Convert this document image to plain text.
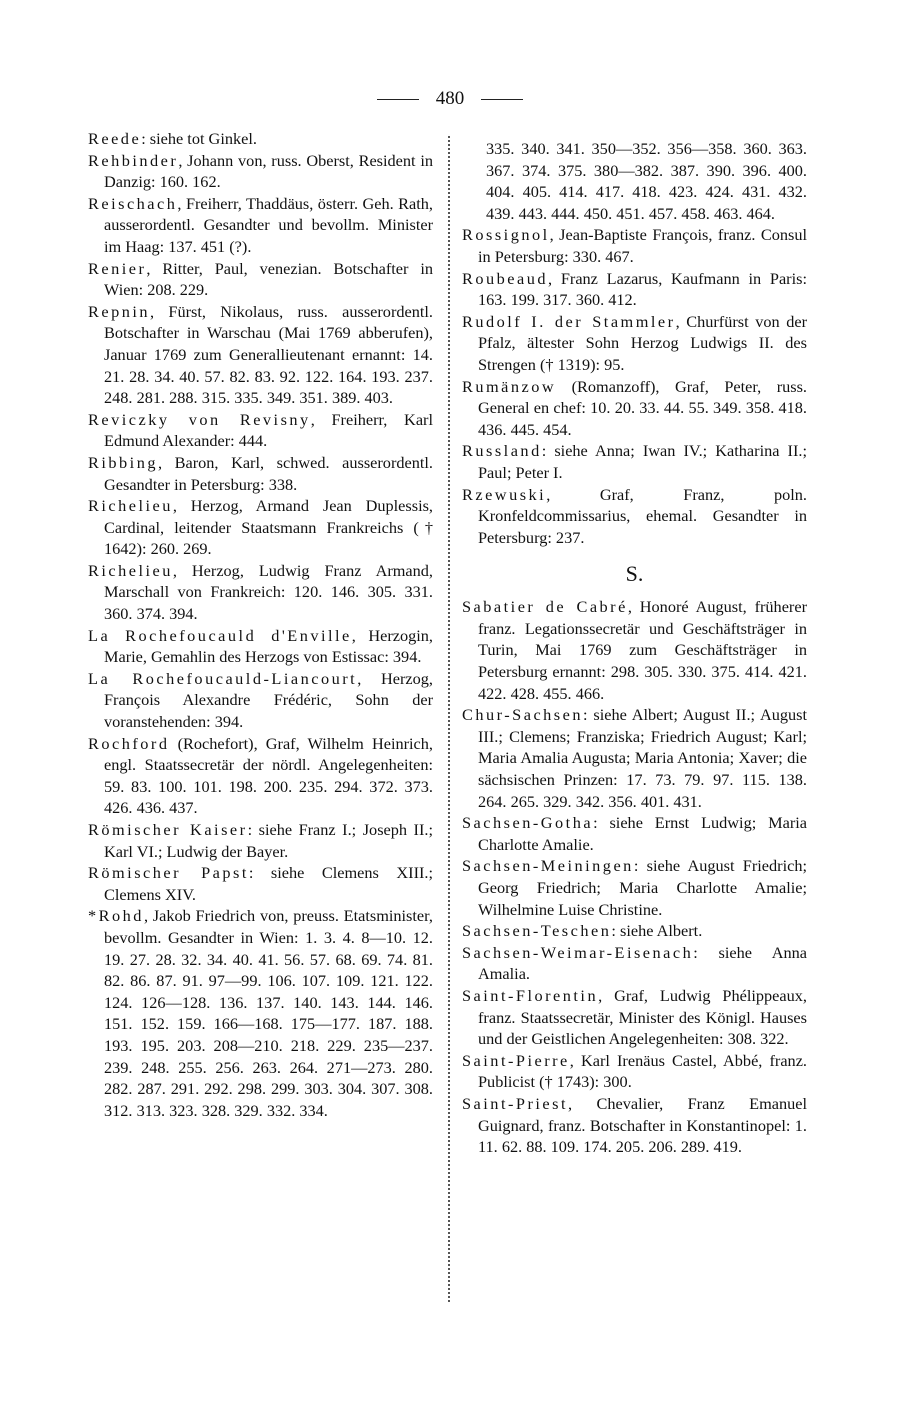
480

Reede: siehe tot Ginkel.

Rehbinder, Johann von, russ. Oberst, Resident in Danzig: 160. 162.

Reischach, Freiherr, Thaddäus, österr. Geh. Rath, ausserordentl. Gesandter und bevollm. Minister im Haag: 137. 451 (?).

Renier, Ritter, Paul, venezian. Botschafter in Wien: 208. 229.

Repnin, Fürst, Nikolaus, russ. ausserordentl. Botschafter in Warschau (Mai 1769 abberufen), Januar 1769 zum Generallieutenant ernannt: 14. 21. 28. 34. 40. 57. 82. 83. 92. 122. 164. 193. 237. 248. 281. 288. 315. 335. 349. 351. 389. 403.

Reviczky von Revisny, Freiherr, Karl Edmund Alexander: 444.

Ribbing, Baron, Karl, schwed. ausserordentl. Gesandter in Petersburg: 338.

Richelieu, Herzog, Armand Jean Duplessis, Cardinal, leitender Staatsmann Frankreichs († 1642): 260. 269.

Richelieu, Herzog, Ludwig Franz Armand, Marschall von Frankreich: 120. 146. 305. 331. 360. 374. 394.

La Rochefoucauld d'Enville, Herzogin, Marie, Gemahlin des Herzogs von Estissac: 394.

La Rochefoucauld-Liancourt, Herzog, François Alexandre Frédéric, Sohn der voranstehenden: 394.

Rochford (Rochefort), Graf, Wilhelm Heinrich, engl. Staatssecretär der nördl. Angelegenheiten: 59. 83. 100. 101. 198. 200. 235. 294. 372. 373. 426. 436. 437.

Römischer Kaiser: siehe Franz I.; Joseph II.; Karl VI.; Ludwig der Bayer.

Römischer Papst: siehe Clemens XIII.; Clemens XIV.

*Rohd, Jakob Friedrich von, preuss. Etatsminister, bevollm. Gesandter in Wien: 1. 3. 4. 8—10. 12. 19. 27. 28. 32. 34. 40. 41. 56. 57. 68. 69. 74. 81. 82. 86. 87. 91. 97—99. 106. 107. 109. 121. 122. 124. 126—128. 136. 137. 140. 143. 144. 146. 151. 152. 159. 166—168. 175—177. 187. 188. 193. 195. 203. 208—210. 218. 229. 235—237. 239. 248. 255. 256. 263. 264. 271—273. 280. 282. 287. 291. 292. 298. 299. 303. 304. 307. 308. 312. 313. 323. 328. 329. 332. 334.

335. 340. 341. 350—352. 356—358. 360. 363. 367. 374. 375. 380—382. 387. 390. 396. 400. 404. 405. 414. 417. 418. 423. 424. 431. 432. 439. 443. 444. 450. 451. 457. 458. 463. 464.

Rossignol, Jean-Baptiste François, franz. Consul in Petersburg: 330. 467.

Roubeaud, Franz Lazarus, Kaufmann in Paris: 163. 199. 317. 360. 412.

Rudolf I. der Stammler, Churfürst von der Pfalz, ältester Sohn Herzog Ludwigs II. des Strengen († 1319): 95.

Rumänzow (Romanzoff), Graf, Peter, russ. General en chef: 10. 20. 33. 44. 55. 349. 358. 418. 436. 445. 454.

Russland: siehe Anna; Iwan IV.; Katharina II.; Paul; Peter I.

Rzewuski, Graf, Franz, poln. Kronfeldcommissarius, ehemal. Gesandter in Petersburg: 237.

S.

Sabatier de Cabré, Honoré August, früherer franz. Legationssecretär und Geschäftsträger in Turin, Mai 1769 zum Geschäftsträger in Petersburg ernannt: 298. 305. 330. 375. 414. 421. 422. 428. 455. 466.

Chur-Sachsen: siehe Albert; August II.; August III.; Clemens; Franziska; Friedrich August; Karl; Maria Amalia Augusta; Maria Antonia; Xaver; die sächsischen Prinzen: 17. 73. 79. 97. 115. 138. 264. 265. 329. 342. 356. 401. 431.

Sachsen-Gotha: siehe Ernst Ludwig; Maria Charlotte Amalie.

Sachsen-Meiningen: siehe August Friedrich; Georg Friedrich; Maria Charlotte Amalie; Wilhelmine Luise Christine.

Sachsen-Teschen: siehe Albert.

Sachsen-Weimar-Eisenach: siehe Anna Amalia.

Saint-Florentin, Graf, Ludwig Phélippeaux, franz. Staatssecretär, Minister des Königl. Hauses und der Geistlichen Angelegenheiten: 308. 322.

Saint-Pierre, Karl Irenäus Castel, Abbé, franz. Publicist († 1743): 300.

Saint-Priest, Chevalier, Franz Emanuel Guignard, franz. Botschafter in Konstantinopel: 1. 11. 62. 88. 109. 174. 205. 206. 289. 419.
